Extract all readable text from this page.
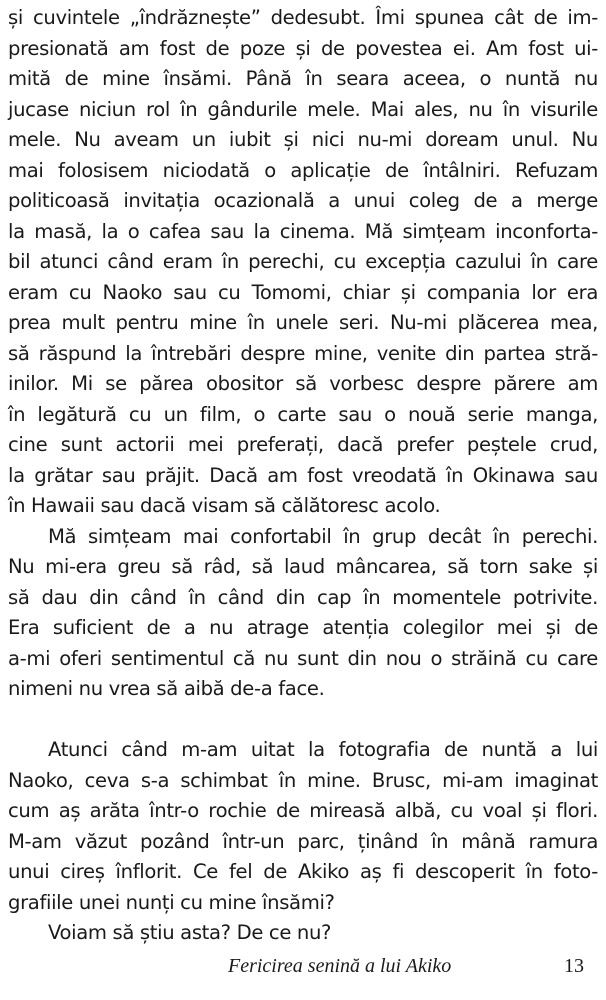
și cuvintele „îndrăznește” dedesubt. Îmi spunea cât de im-
presionată am fost de poze și de povestea ei. Am fost ui-
mită de mine însămi. Până în seara aceea, o nuntă nu
jucase niciun rol în gândurile mele. Mai ales, nu în visurile
mele. Nu aveam un iubit și nici nu-mi doream unul. Nu
mai folosisem niciodată o aplicație de întâlniri. Refuzam
politicoasă invitația ocazională a unui coleg de a merge
la masă, la o cafea sau la cinema. Mă simțeam inconforta-
bil atunci când eram în perechi, cu excepția cazului în care
eram cu Naoko sau cu Tomomi, chiar și compania lor era
prea mult pentru mine în unele seri. Nu-mi plăcerea mea,
să răspund la întrebări despre mine, venite din partea stră-
inilor. Mi se părea obositor să vorbesc despre părere am
în legătură cu un film, o carte sau o nouă serie manga,
cine sunt actorii mei preferați, dacă prefer peștele crud,
la grătar sau prăjit. Dacă am fost vreodată în Okinawa sau
în Hawaii sau dacă visam să călătoresc acolo.

Mă simțeam mai confortabil în grup decât în perechi.
Nu mi-era greu să râd, să laud mâncarea, să torn sake și
să dau din când în când din cap în momentele potrivite.
Era suficient de a nu atrage atenția colegilor mei și de
a-mi oferi sentimentul că nu sunt din nou o străină cu care
nimeni nu vrea să aibă de-a face.

Atunci când m-am uitat la fotografia de nuntă a lui
Naoko, ceva s-a schimbat în mine. Brusc, mi-am imaginat
cum aș arăta într-o rochie de mireasă albă, cu voal și flori.
M-am văzut pozând într-un parc, ținând în mână ramura
unui cireș înflorit. Ce fel de Akiko aș fi descoperit în foto-
grafiile unei nunți cu mine însămi?

Voiam să știu asta? De ce nu?

Fericirea senină a lui Akiko	13
